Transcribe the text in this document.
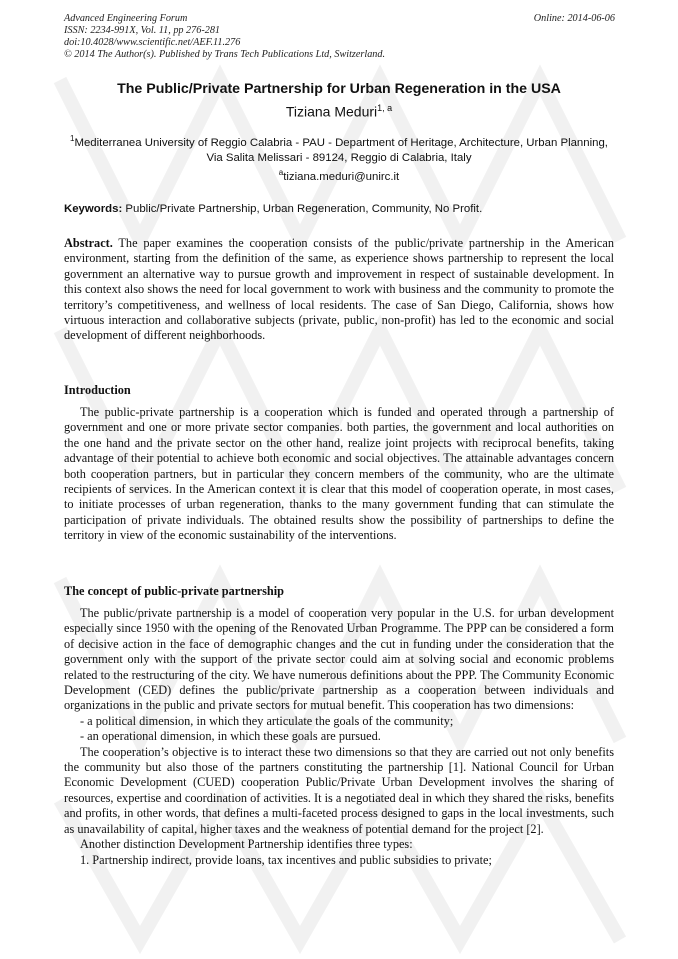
Advanced Engineering Forum
ISSN: 2234-991X, Vol. 11, pp 276-281
doi:10.4028/www.scientific.net/AEF.11.276
© 2014 The Author(s). Published by Trans Tech Publications Ltd, Switzerland.
Online: 2014-06-06
The Public/Private Partnership for Urban Regeneration in the USA
Tiziana Meduri$^{1, a}$
$^1$Mediterranea University of Reggio Calabria - PAU - Department of Heritage, Architecture, Urban Planning, Via Salita Melissari - 89124, Reggio di Calabria, Italy
$^a$tiziana.meduri@unirc.it
Keywords: Public/Private Partnership, Urban Regeneration, Community, No Profit.

Abstract. The paper examines the cooperation consists of the public/private partnership in the American environment, starting from the definition of the same, as experience shows partnership to represent the local government an alternative way to pursue growth and improvement in respect of sustainable development. In this context also shows the need for local government to work with business and the community to promote the territory’s competitiveness, and wellness of local residents. The case of San Diego, California, shows how virtuous interaction and collaborative subjects (private, public, non-profit) has led to the economic and social development of different neighborhoods.

Introduction

The public-private partnership is a cooperation which is funded and operated through a partnership of government and one or more private sector companies. both parties, the government and local authorities on the one hand and the private sector on the other hand, realize joint projects with reciprocal benefits, taking advantage of their potential to achieve both economic and social objectives. The attainable advantages concern both cooperation partners, but in particular they concern members of the community, who are the ultimate recipients of services. In the American context it is clear that this model of cooperation operate, in most cases, to initiate processes of urban regeneration, thanks to the many government funding that can stimulate the participation of private individuals. The obtained results show the possibility of partnerships to define the territory in view of the economic sustainability of the interventions.

The concept of public-private partnership

The public/private partnership is a model of cooperation very popular in the U.S. for urban development especially since 1950 with the opening of the Renovated Urban Programme. The PPP can be considered a form of decisive action in the face of demographic changes and the cut in funding under the consideration that the government only with the support of the private sector could aim at solving social and economic problems related to the restructuring of the city. We have numerous definitions about the PPP. The Community Economic Development (CED) defines the public/private partnership as a cooperation between individuals and organizations in the public and private sectors for mutual benefit. This cooperation has two dimensions:

- a political dimension, in which they articulate the goals of the community;

- an operational dimension, in which these goals are pursued.

The cooperation’s objective is to interact these two dimensions so that they are carried out not only benefits the community but also those of the partners constituting the partnership [1]. National Council for Urban Economic Development (CUED) cooperation Public/Private Urban Development involves the sharing of resources, expertise and coordination of activities. It is a negotiated deal in which they shared the risks, benefits and profits, in other words, that defines a multi-faceted process designed to gaps in the local investments, such as unavailability of capital, higher taxes and the weakness of potential demand for the project [2].

Another distinction Development Partnership identifies three types:

1. Partnership indirect, provide loans, tax incentives and public subsidies to private;
